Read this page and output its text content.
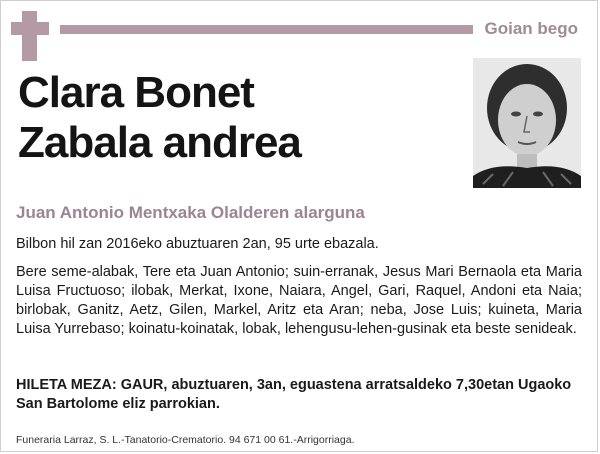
Goian bego
Clara Bonet
Zabala andrea
Juan Antonio Mentxaka Olalderen alarguna
Bilbon hil zan 2016eko abuztuaren 2an, 95 urte ebazala.
Bere seme-alabak, Tere eta Juan Antonio; suin-erranak, Jesus Mari Bernaola eta Maria Luisa Fructuoso; ilobak, Merkat, Ixone, Naiara, Angel, Gari, Raquel, Andoni eta Naia; birlobak, Ganitz, Aetz, Gilen, Markel, Aritz eta Aran; neba, Jose Luis; kuineta, Maria Luisa Yurrebaso; koinatu-koinatak, lobak, lehengusu-lehen-gusinak eta beste senideak.
HILETA MEZA: GAUR, abuztuaren, 3an, eguastena arratsaldeko 7,30etan Ugaoko San Bartolome eliz parrokian.
Funeraria Larraz, S. L.-Tanatorio-Crematorio. 94 671 00 61.-Arrigorriaga.
